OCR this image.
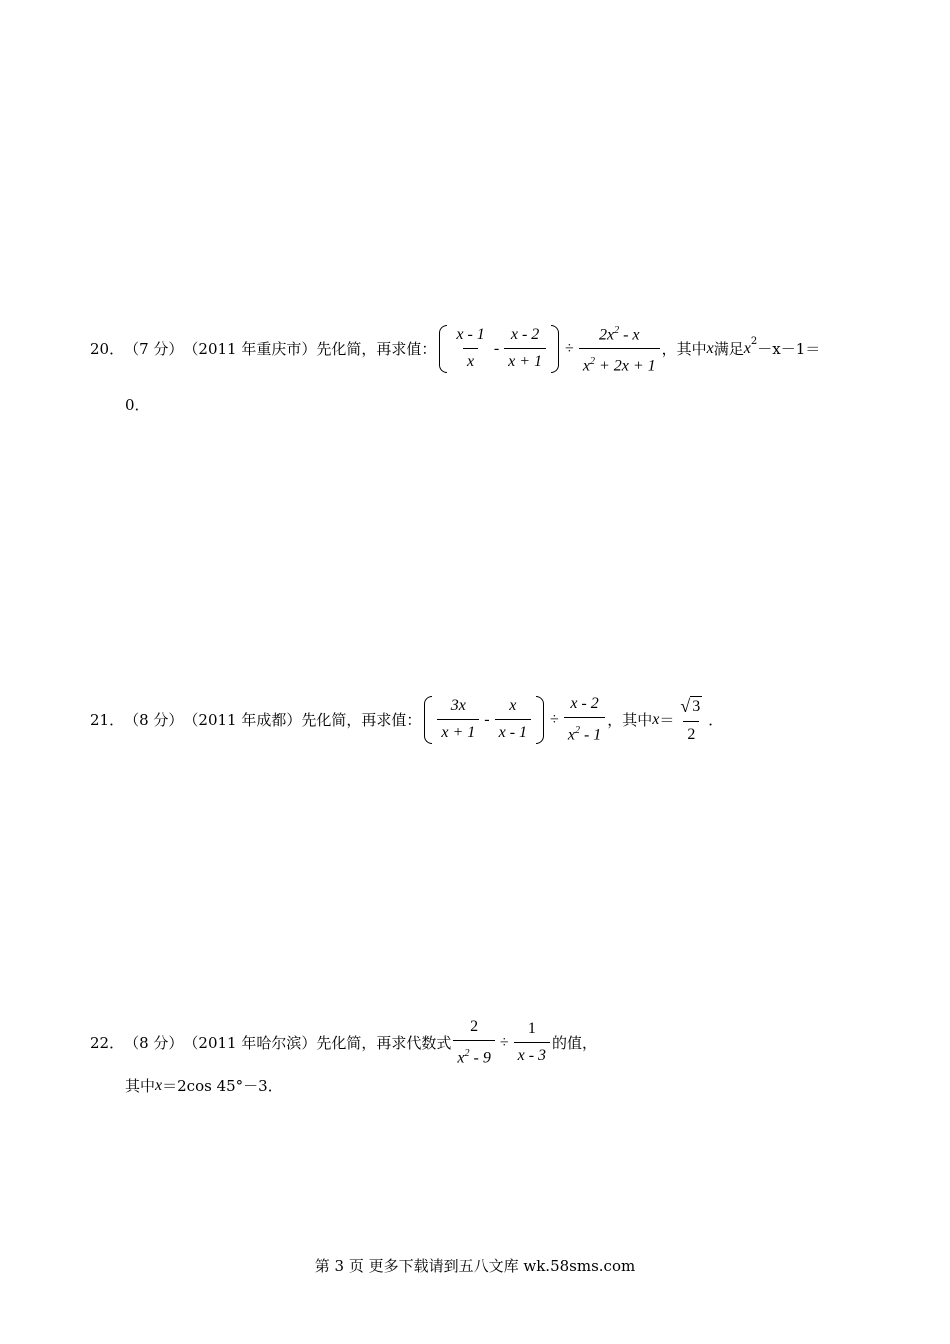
20． （7 分） （2011 年重庆市） 先化简，再求值： $\frac{x - 1}{x} - \frac{x - 2}{x + 1} \div \frac{2x^2 - x}{x^2 + 2x + 1}$ ，其中 x 满足 $x^2 -x-1=$
0．
21． （8 分） （2011 年成都） 先化简，再求值： $\frac{3x}{x + 1} - \frac{x}{x - 1} \div \frac{x - 2}{x^2 - 1}$ ，其中 $x = \frac{√ 3}{2}$ ．
22． （8 分） （2011 年哈尔滨） 先化简，再求代数式 $\frac{2}{x^2 - 9} \div \frac{1}{x - 3}$ 的值，
其中 x ＝2cos 45°－3．
第 3 页 更多下载请到五八文库 wk.58sms.com
